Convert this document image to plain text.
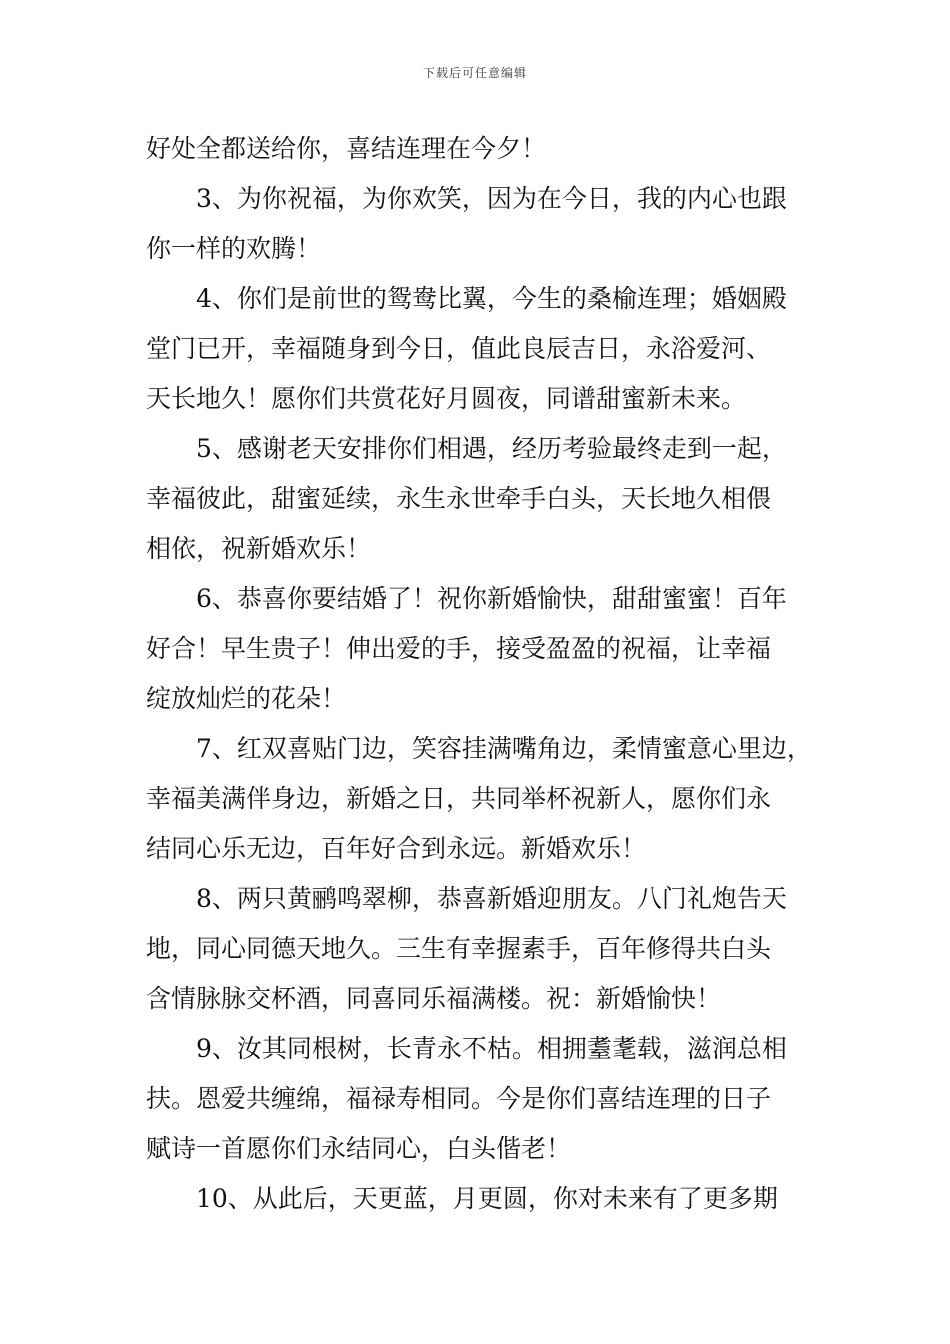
下载后可任意编辑
好处全都送给你，喜结连理在今夕！
3、为你祝福，为你欢笑，因为在今日，我的内心也跟
你一样的欢腾！
4、你们是前世的鸳鸯比翼，今生的桑榆连理；婚姻殿
堂门已开，幸福随身到今日，值此良辰吉日，永浴爱河、
天长地久！愿你们共赏花好月圆夜，同谱甜蜜新未来。
5、感谢老天安排你们相遇，经历考验最终走到一起，
幸福彼此，甜蜜延续，永生永世牵手白头，天长地久相偎
相依，祝新婚欢乐！
6、恭喜你要结婚了！祝你新婚愉快，甜甜蜜蜜！百年
好合！早生贵子！伸出爱的手，接受盈盈的祝福，让幸福
绽放灿烂的花朵！
7、红双喜贴门边，笑容挂满嘴角边，柔情蜜意心里边，
幸福美满伴身边，新婚之日，共同举杯祝新人，愿你们永
结同心乐无边，百年好合到永远。新婚欢乐！
8、两只黄鹂鸣翠柳，恭喜新婚迎朋友。八门礼炮告天
地，同心同德天地久。三生有幸握素手，百年修得共白头
含情脉脉交杯酒，同喜同乐福满楼。祝：新婚愉快！
9、汝其同根树，长青永不枯。相拥耋耄载，滋润总相
扶。恩爱共缠绵，福禄寿相同。今是你们喜结连理的日子
赋诗一首愿你们永结同心，白头偕老！
10、从此后，天更蓝，月更圆，你对未来有了更多期
